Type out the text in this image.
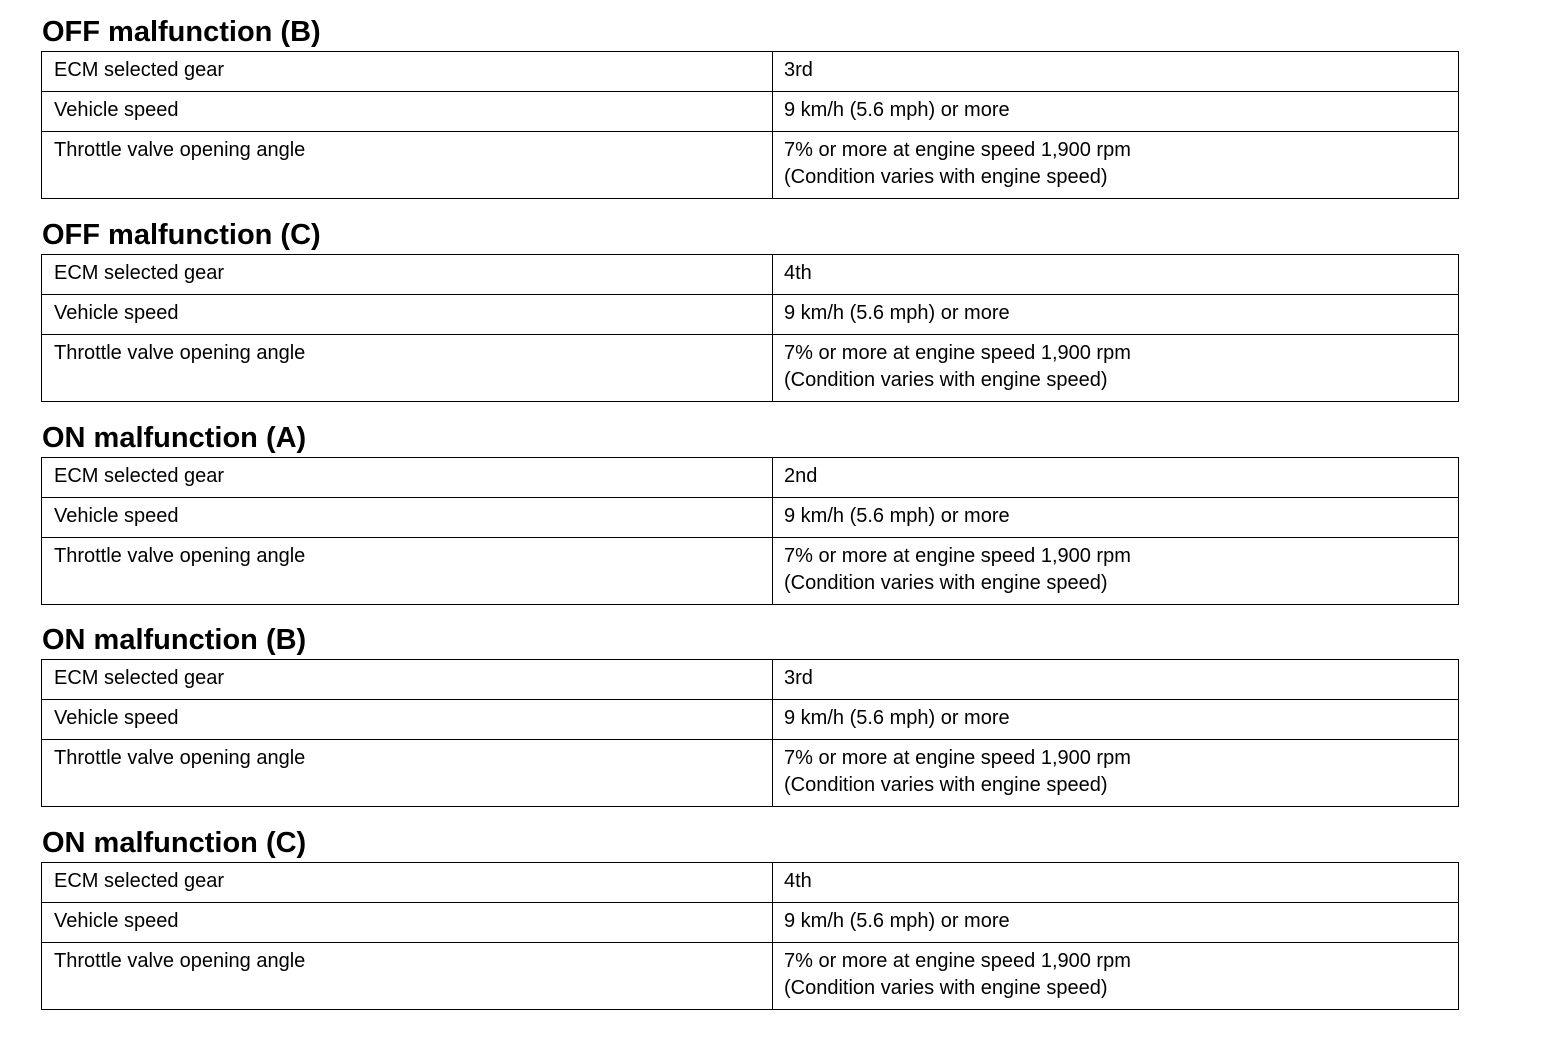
OFF malfunction (B)
ECM selected gear	3rd

Vehicle speed	9 km/h (5.6 mph) or more

Throttle valve opening angle	7% or more at engine speed 1,900 rpm
(Condition varies with engine speed)
OFF malfunction (C)
ECM selected gear	4th

Vehicle speed	9 km/h (5.6 mph) or more

Throttle valve opening angle	7% or more at engine speed 1,900 rpm
(Condition varies with engine speed)
ON malfunction (A)
ECM selected gear	2nd

Vehicle speed	9 km/h (5.6 mph) or more

Throttle valve opening angle	7% or more at engine speed 1,900 rpm
(Condition varies with engine speed)
ON malfunction (B)
ECM selected gear	3rd

Vehicle speed	9 km/h (5.6 mph) or more

Throttle valve opening angle	7% or more at engine speed 1,900 rpm
(Condition varies with engine speed)
ON malfunction (C)
ECM selected gear	4th

Vehicle speed	9 km/h (5.6 mph) or more

Throttle valve opening angle	7% or more at engine speed 1,900 rpm
(Condition varies with engine speed)
